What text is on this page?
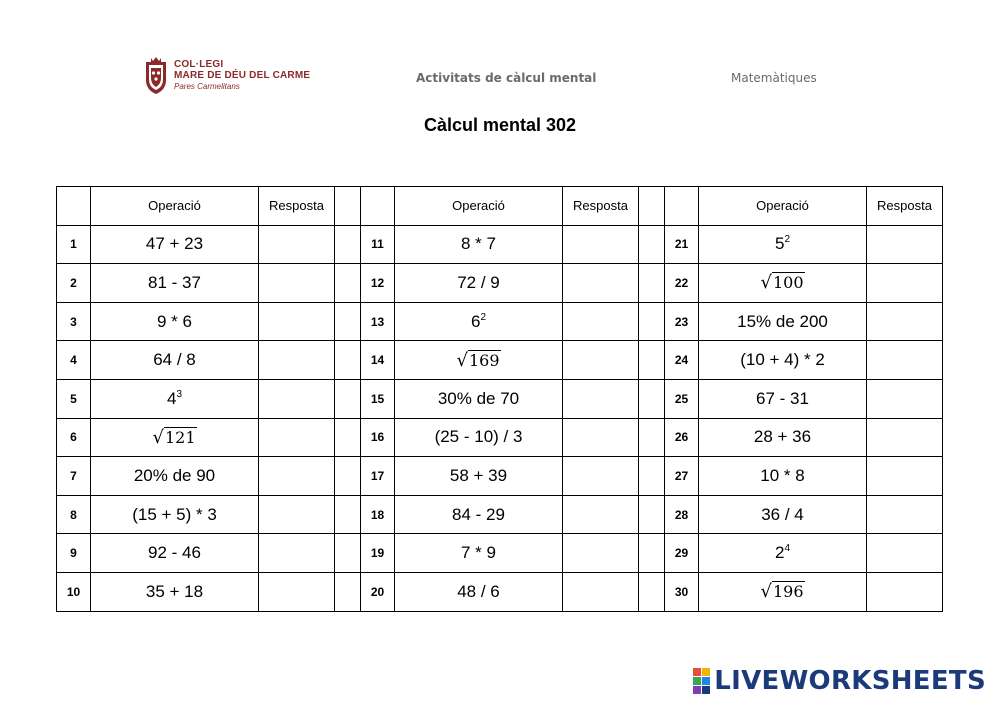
COL·LEGI
MARE DE DÉU DEL CARME
Pares Carmelitans
Activitats de càlcul mental	Matemàtiques
Càlcul mental 302
	Operació	Resposta			Operació	Resposta			Operació	Resposta
1	47 + 23			11	8 * 7			21	$5^2$	
2	81 - 37			12	72 / 9			22	√100	
3	9 * 6			13	$6^2$			23	15% de 200	
4	64 / 8			14	√169			24	(10 + 4) * 2	
5	$4^3$			15	30% de 70			25	67 - 31	
6	√121			16	(25 - 10) / 3			26	28 + 36	
7	20% de 90			17	58 + 39			27	10 * 8	
8	(15 + 5) * 3			18	84 - 29			28	36 / 4	
9	92 - 46			19	7 * 9			29	$2^4$	
10	35 + 18			20	48 / 6			30	√196	
LIVEWORKSHEETS
